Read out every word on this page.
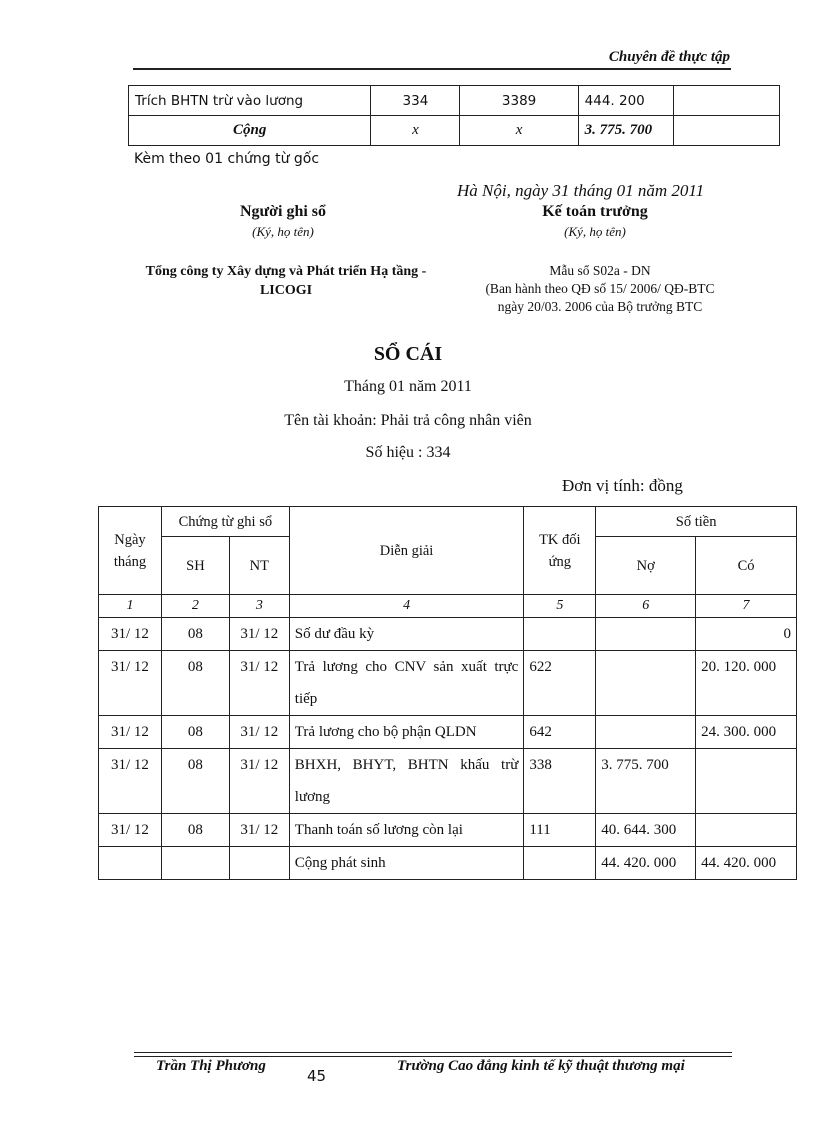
Chuyên đề thực tập
Trích BHTN trừ vào lương	334	3389	444. 200	
Cộng	x	x	3. 775. 700	
Kèm theo 01 chứng từ gốc
Hà Nội, ngày 31 tháng 01 năm 2011
Người ghi sổ
(Ký, họ tên)
Kế toán trưởng
(Ký, họ tên)
Tổng công ty Xây dựng và Phát triển Hạ tầng - LICOGI
Mẫu sổ S02a - DN
(Ban hành theo QĐ số 15/ 2006/ QĐ-BTC
ngày 20/03. 2006 của Bộ trưởng BTC
SỔ CÁI
Tháng 01 năm 2011
Tên tài khoản: Phải trả công nhân viên
Số hiệu : 334
Đơn vị tính: đồng
Ngày tháng	Chứng từ ghi sổ		Diễn giải	TK đối ứng	Số tiền	
	SH	NT			Nợ	Có
1	2	3	4	5	6	7
31/ 12	08	31/ 12	Số dư đầu kỳ			0
31/ 12	08	31/ 12	Trả lương cho CNV sản xuất trực tiếp	622		20. 120. 000
31/ 12	08	31/ 12	Trả lương cho bộ phận QLDN	642		24. 300. 000
31/ 12	08	31/ 12	BHXH, BHYT, BHTN khấu trừ lương	338	3. 775. 700	
31/ 12	08	31/ 12	Thanh toán số lương còn lại	111	40. 644. 300	
			Cộng phát sinh		44. 420. 000	44. 420. 000
Trần Thị Phương
45
Trường Cao đẳng kinh tế kỹ thuật thương mại
